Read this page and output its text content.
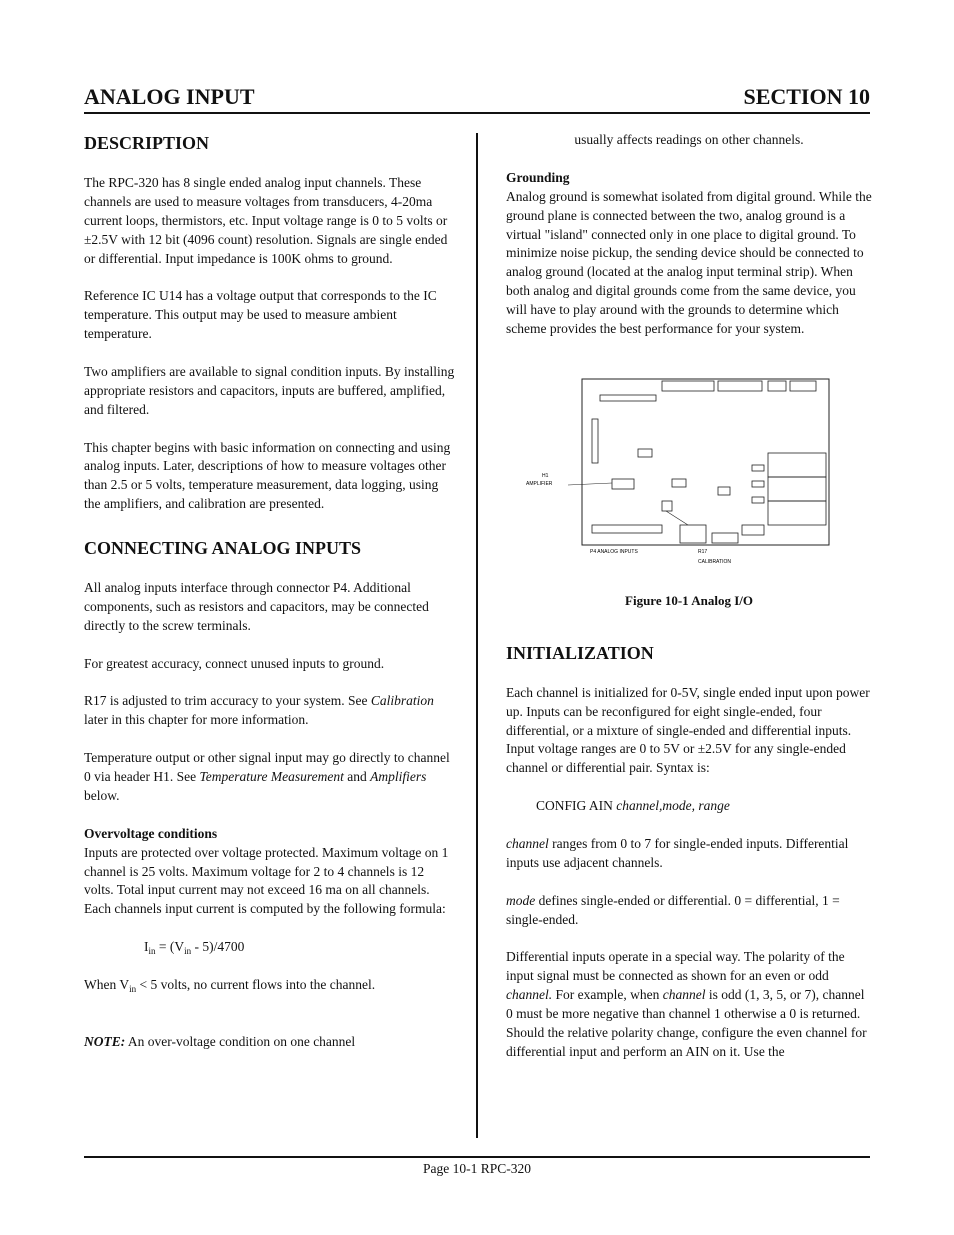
ANALOG INPUT	SECTION 10
DESCRIPTION

The RPC-320 has 8 single ended analog input channels. These channels are used to measure voltages from transducers, 4-20ma current loops, thermistors, etc. Input voltage range is 0 to 5 volts or ±2.5V with 12 bit (4096 count) resolution. Signals are single ended or differential. Input impedance is 100K ohms to ground.

Reference IC U14 has a voltage output that corresponds to the IC temperature. This output may be used to measure ambient temperature.

Two amplifiers are available to signal condition inputs. By installing appropriate resistors and capacitors, inputs are buffered, amplified, and filtered.

This chapter begins with basic information on connecting and using analog inputs. Later, descriptions of how to measure voltages other than 2.5 or 5 volts, temperature measurement, data logging, using the amplifiers, and calibration are presented.

CONNECTING ANALOG INPUTS

All analog inputs interface through connector P4. Additional components, such as resistors and capacitors, may be connected directly to the screw terminals.

For greatest accuracy, connect unused inputs to ground.

R17 is adjusted to trim accuracy to your system. See Calibration later in this chapter for more information.

Temperature output or other signal input may go directly to channel 0 via header H1. See Temperature Measurement and Amplifiers below.

Overvoltage conditions

Inputs are protected over voltage protected. Maximum voltage on 1 channel is 25 volts. Maximum voltage for 2 to 4 channels is 12 volts. Total input current may not exceed 16 ma on all channels. Each channels input current is computed by the following formula:

$I_{in} = (V_{in} - 5)/4700$

When $V_{in} < 5$ volts, no current flows into the channel.

NOTE: An over-voltage condition on one channel

usually affects readings on other channels.

Grounding

Analog ground is somewhat isolated from digital ground. While the ground plane is connected between the two, analog ground is a virtual "island" connected only in one place to digital ground. To minimize noise pickup, the sending device should be connected to analog ground (located at the analog input terminal strip). When both analog and digital grounds come from the same device, you will have to play around with the grounds to determine which scheme provides the best performance for your system.

H1
AMPLIFIER
P4 ANALOG INPUTS	R17
CALIBRATION

Figure 10-1 Analog I/O

INITIALIZATION

Each channel is initialized for 0-5V, single ended input upon power up. Inputs can be reconfigured for eight single-ended, four differential, or a mixture of single-ended and differential inputs. Input voltage ranges are 0 to 5V or ±2.5V for any single-ended channel or differential pair. Syntax is:

CONFIG AIN channel,mode, range

channel ranges from 0 to 7 for single-ended inputs. Differential inputs use adjacent channels.

mode defines single-ended or differential. 0 = differential, 1 = single-ended.

Differential inputs operate in a special way. The polarity of the input signal must be connected as shown for an even or odd channel. For example, when channel is odd (1, 3, 5, or 7), channel 0 must be more negative than channel 1 otherwise a 0 is returned. Should the relative polarity change, configure the even channel for differential input and perform an AIN on it. Use the

Page 10-1 RPC-320
